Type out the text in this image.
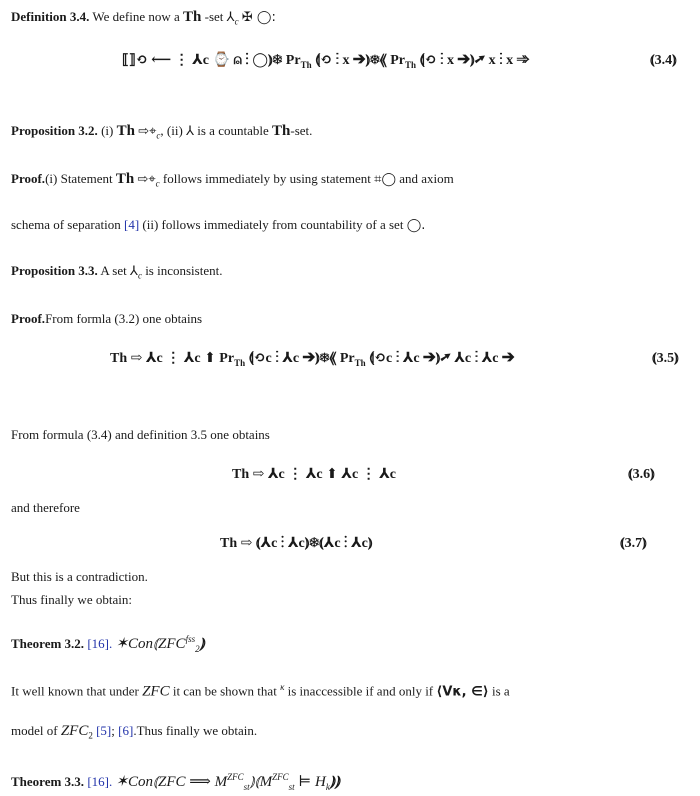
Definition 3.4. We define now a Th -set $⅄_c$ ✠ ◯:
⟦⟧⟲ ⟵ ⋮ ⅄c ⌚ ⍝ ⋮ ◯⦆❄ $Pr_{Th}$ ⟬⟲ ⋮ x ➔⦆❄⟪ $Pr_{Th}$ ⟬⟲ ⋮ x ➔⦆➚ x ⋮ x ➾	⦅3.4⦆
Proposition 3.2. (i) Th $⇨⌖_c$, (ii) ⅄ is a countable Th-set.
Proof.(i) Statement Th $⇨⌖_c$ follows immediately by using statement ⌗◯ and axiom
schema of separation [4] (ii) follows immediately from countability of a set ◯.
Proposition 3.3. A set $⅄_c$ is inconsistent.
Proof.From formla (3.2) one obtains
Th ⇨ ⅄c ⋮ ⅄c ⬆ $Pr_{Th}$ ⟬⟲c ⋮ ⅄c ➔⦆❄⟪ $Pr_{Th}$ ⟬⟲c ⋮ ⅄c ➔⦆➚ ⅄c ⋮ ⅄c ➔	⦅3.5⦆
From formula (3.4) and definition 3.5 one obtains
Th ⇨ ⅄c ⋮ ⅄c ⬆ ⅄c ⋮ ⅄c	⦅3.6⦆
and therefore
Th ⇨ ⦅⅄c ⋮ ⅄c⦆❄⦅⅄c ⋮ ⅄c⦆	⦅3.7⦆
But this is a contradiction.
Thus finally we obtain:
Theorem 3.2. [16]. $✶Con⦅ZFC^{fss}_2⦆$
It well known that under ZFC it can be shown that $^\kappa$ is inaccessible if and only if ⟨Vκ, ∈⟩ is a
model of $ZFC_2$ [5]; [6].Thus finally we obtain.
Theorem 3.3. [16]. ✶Con⦅ZFC ⟹ $M^{ZFC}_{st}⦆⦅M^{ZFC}_{st}$ ⊨ $H_k⦆⦆$
